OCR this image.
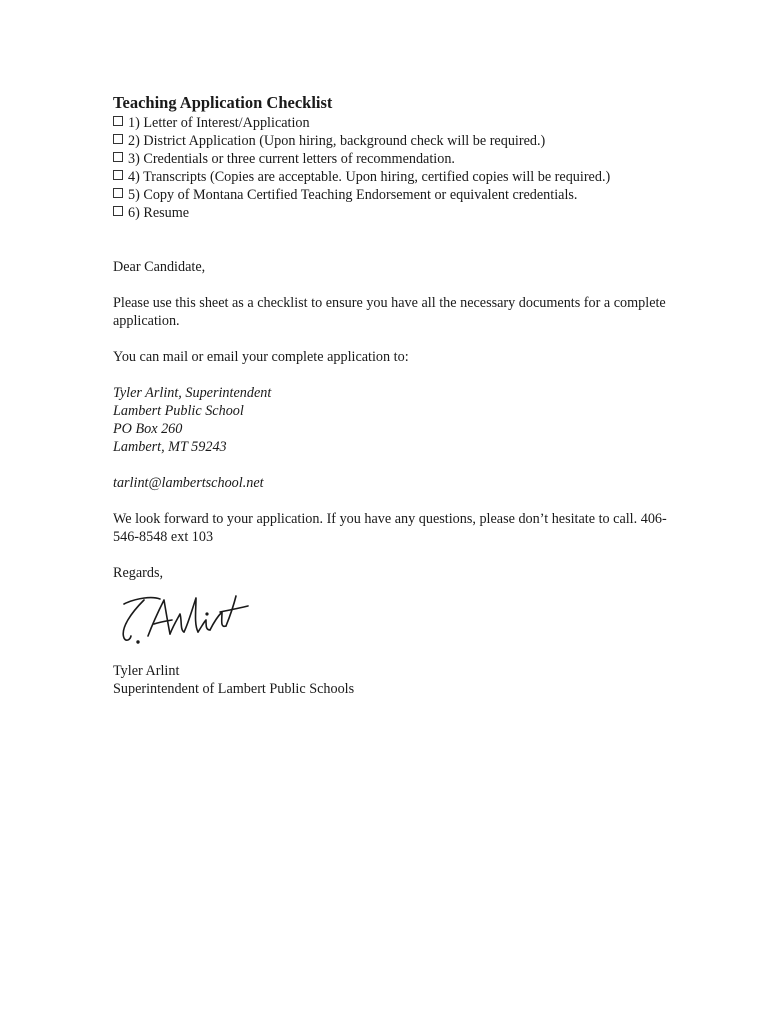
Teaching Application Checklist
1) Letter of Interest/Application
2) District Application (Upon hiring, background check will be required.)
3) Credentials or three current letters of recommendation.
4) Transcripts (Copies are acceptable. Upon hiring, certified copies will be required.)
5) Copy of Montana Certified Teaching Endorsement or equivalent credentials.
6) Resume

Dear Candidate,

Please use this sheet as a checklist to ensure you have all the necessary documents for a complete application.

You can mail or email your complete application to:

Tyler Arlint, Superintendent
Lambert Public School
PO Box 260
Lambert, MT 59243
tarlint@lambertschool.net

We look forward to your application. If you have any questions, please don’t hesitate to call. 406-546-8548 ext 103

Regards,

Tyler Arlint
Superintendent of Lambert Public Schools
